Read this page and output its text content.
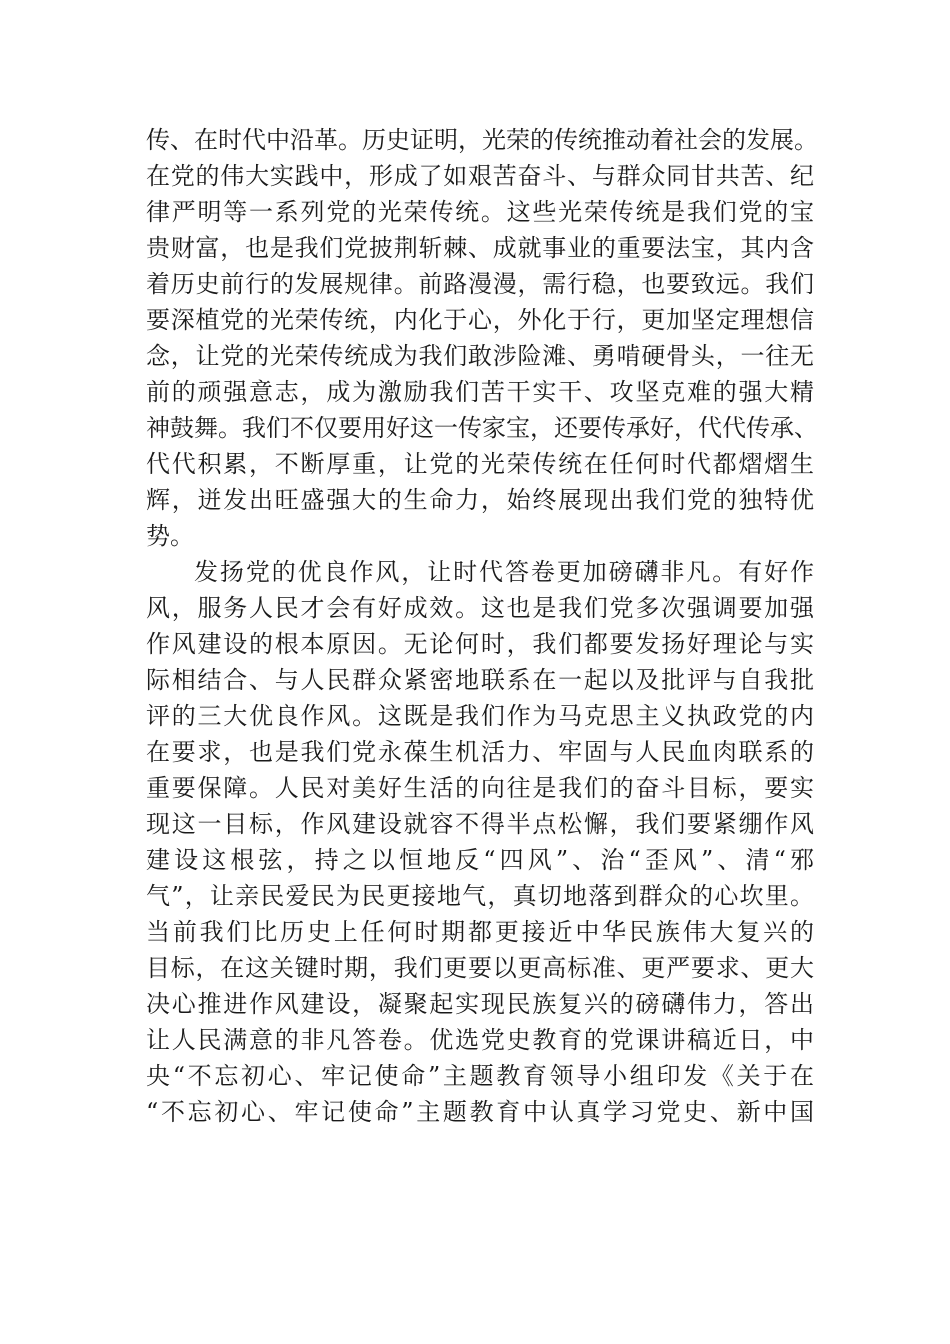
传、在时代中沿革。历史证明，光荣的传统推动着社会的发展。
在党的伟大实践中，形成了如艰苦奋斗、与群众同甘共苦、纪
律严明等一系列党的光荣传统。这些光荣传统是我们党的宝
贵财富，也是我们党披荆斩棘、成就事业的重要法宝，其内含
着历史前行的发展规律。前路漫漫，需行稳，也要致远。我们
要深植党的光荣传统，内化于心，外化于行，更加坚定理想信
念，让党的光荣传统成为我们敢涉险滩、勇啃硬骨头，一往无
前的顽强意志，成为激励我们苦干实干、攻坚克难的强大精
神鼓舞。我们不仅要用好这一传家宝，还要传承好，代代传承、
代代积累，不断厚重，让党的光荣传统在任何时代都熠熠生
辉，迸发出旺盛强大的生命力，始终展现出我们党的独特优
势。
发扬党的优良作风，让时代答卷更加磅礴非凡。有好作
风，服务人民才会有好成效。这也是我们党多次强调要加强
作风建设的根本原因。无论何时，我们都要发扬好理论与实
际相结合、与人民群众紧密地联系在一起以及批评与自我批
评的三大优良作风。这既是我们作为马克思主义执政党的内
在要求，也是我们党永葆生机活力、牢固与人民血肉联系的
重要保障。人民对美好生活的向往是我们的奋斗目标，要实
现这一目标，作风建设就容不得半点松懈，我们要紧绷作风
建设这根弦，持之以恒地反“四风”、治“歪风”、清“邪
气”，让亲民爱民为民更接地气，真切地落到群众的心坎里。
当前我们比历史上任何时期都更接近中华民族伟大复兴的
目标，在这关键时期，我们更要以更高标准、更严要求、更大
决心推进作风建设，凝聚起实现民族复兴的磅礴伟力，答出
让人民满意的非凡答卷。优选党史教育的党课讲稿近日，中
央“不忘初心、牢记使命”主题教育领导小组印发《关于在
“不忘初心、牢记使命”主题教育中认真学习党史、新中国
